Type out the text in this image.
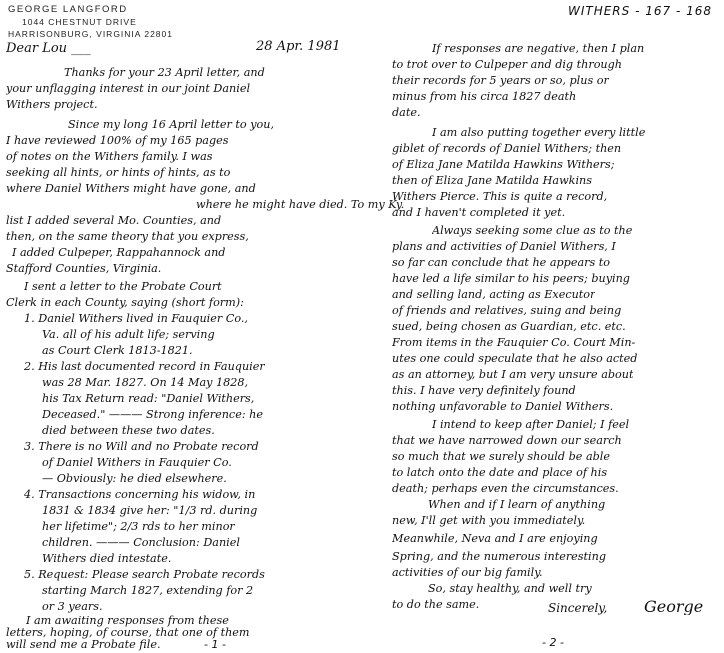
GEORGE LANGFORD
1044 CHESTNUT DRIVE
HARRISONBURG, VIRGINIA 22801
WITHERS - 167 - 168
Dear Lou ___	28 Apr. 1981
Thanks for your 23 April letter, and
your unflagging interest in our joint Daniel
Withers project.
Since my long 16 April letter to you,
I have reviewed 100% of my 165 pages
of notes on the Withers family. I was
seeking all hints, or hints of hints, as to
where Daniel Withers might have gone, and
where he might have died. To my Ky.
list I added several Mo. Counties, and
then, on the same theory that you express,
I added Culpeper, Rappahannock and
Stafford Counties, Virginia.
I sent a letter to the Probate Court
Clerk in each County, saying (short form):
1. Daniel Withers lived in Fauquier Co.,
Va. all of his adult life; serving
as Court Clerk 1813-1821.
2. His last documented record in Fauquier
was 28 Mar. 1827. On 14 May 1828,
his Tax Return read: "Daniel Withers,
Deceased." ——— Strong inference: he
died between these two dates.
3. There is no Will and no Probate record
of Daniel Withers in Fauquier Co.
— Obviously: he died elsewhere.
4. Transactions concerning his widow, in
1831 & 1834 give her: "1/3 rd. during
her lifetime"; 2/3 rds to her minor
children. ——— Conclusion: Daniel
Withers died intestate.
5. Request: Please search Probate records
starting March 1827, extending for 2
or 3 years.
I am awaiting responses from these
letters, hoping, of course, that one of them
will send me a Probate file.	- 1 -
If responses are negative, then I plan
to trot over to Culpeper and dig through
their records for 5 years or so, plus or
minus from his circa 1827 death
date.
I am also putting together every little
giblet of records of Daniel Withers; then
of Eliza Jane Matilda Hawkins Withers;
then of Eliza Jane Matilda Hawkins
Withers Pierce. This is quite a record,
and I haven't completed it yet.
Always seeking some clue as to the
plans and activities of Daniel Withers, I
so far can conclude that he appears to
have led a life similar to his peers; buying
and selling land, acting as Executor
of friends and relatives, suing and being
sued, being chosen as Guardian, etc. etc.
From items in the Fauquier Co. Court Min-
utes one could speculate that he also acted
as an attorney, but I am very unsure about
this. I have very definitely found
nothing unfavorable to Daniel Withers.
I intend to keep after Daniel; I feel
that we have narrowed down our search
so much that we surely should be able
to latch onto the date and place of his
death; perhaps even the circumstances.
When and if I learn of anything
new, I'll get with you immediately.
Meanwhile, Neva and I are enjoying
Spring, and the numerous interesting
activities of our big family.
So, stay healthy, and well try
to do the same.	Sincerely, George
- 2 -
